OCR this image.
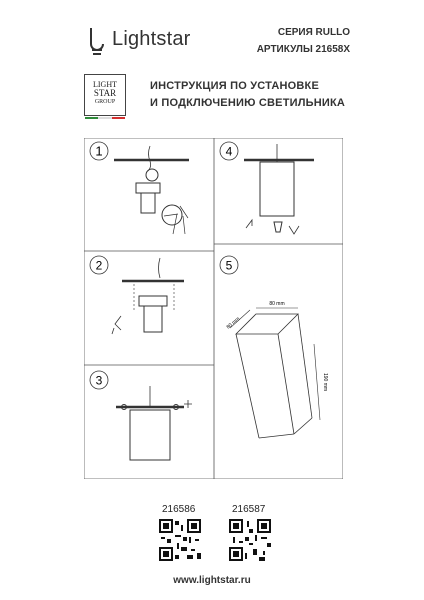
Lightstar	СЕРИЯ RULLO
АРТИКУЛЫ 21658X
LIGHT
STAR
GROUP
ИНСТРУКЦИЯ ПО УСТАНОВКЕ
И ПОДКЛЮЧЕНИЮ СВЕТИЛЬНИКА
1	4
2	5
3
80 mm
80 mm
190 mm
216586	216587
www.lightstar.ru
